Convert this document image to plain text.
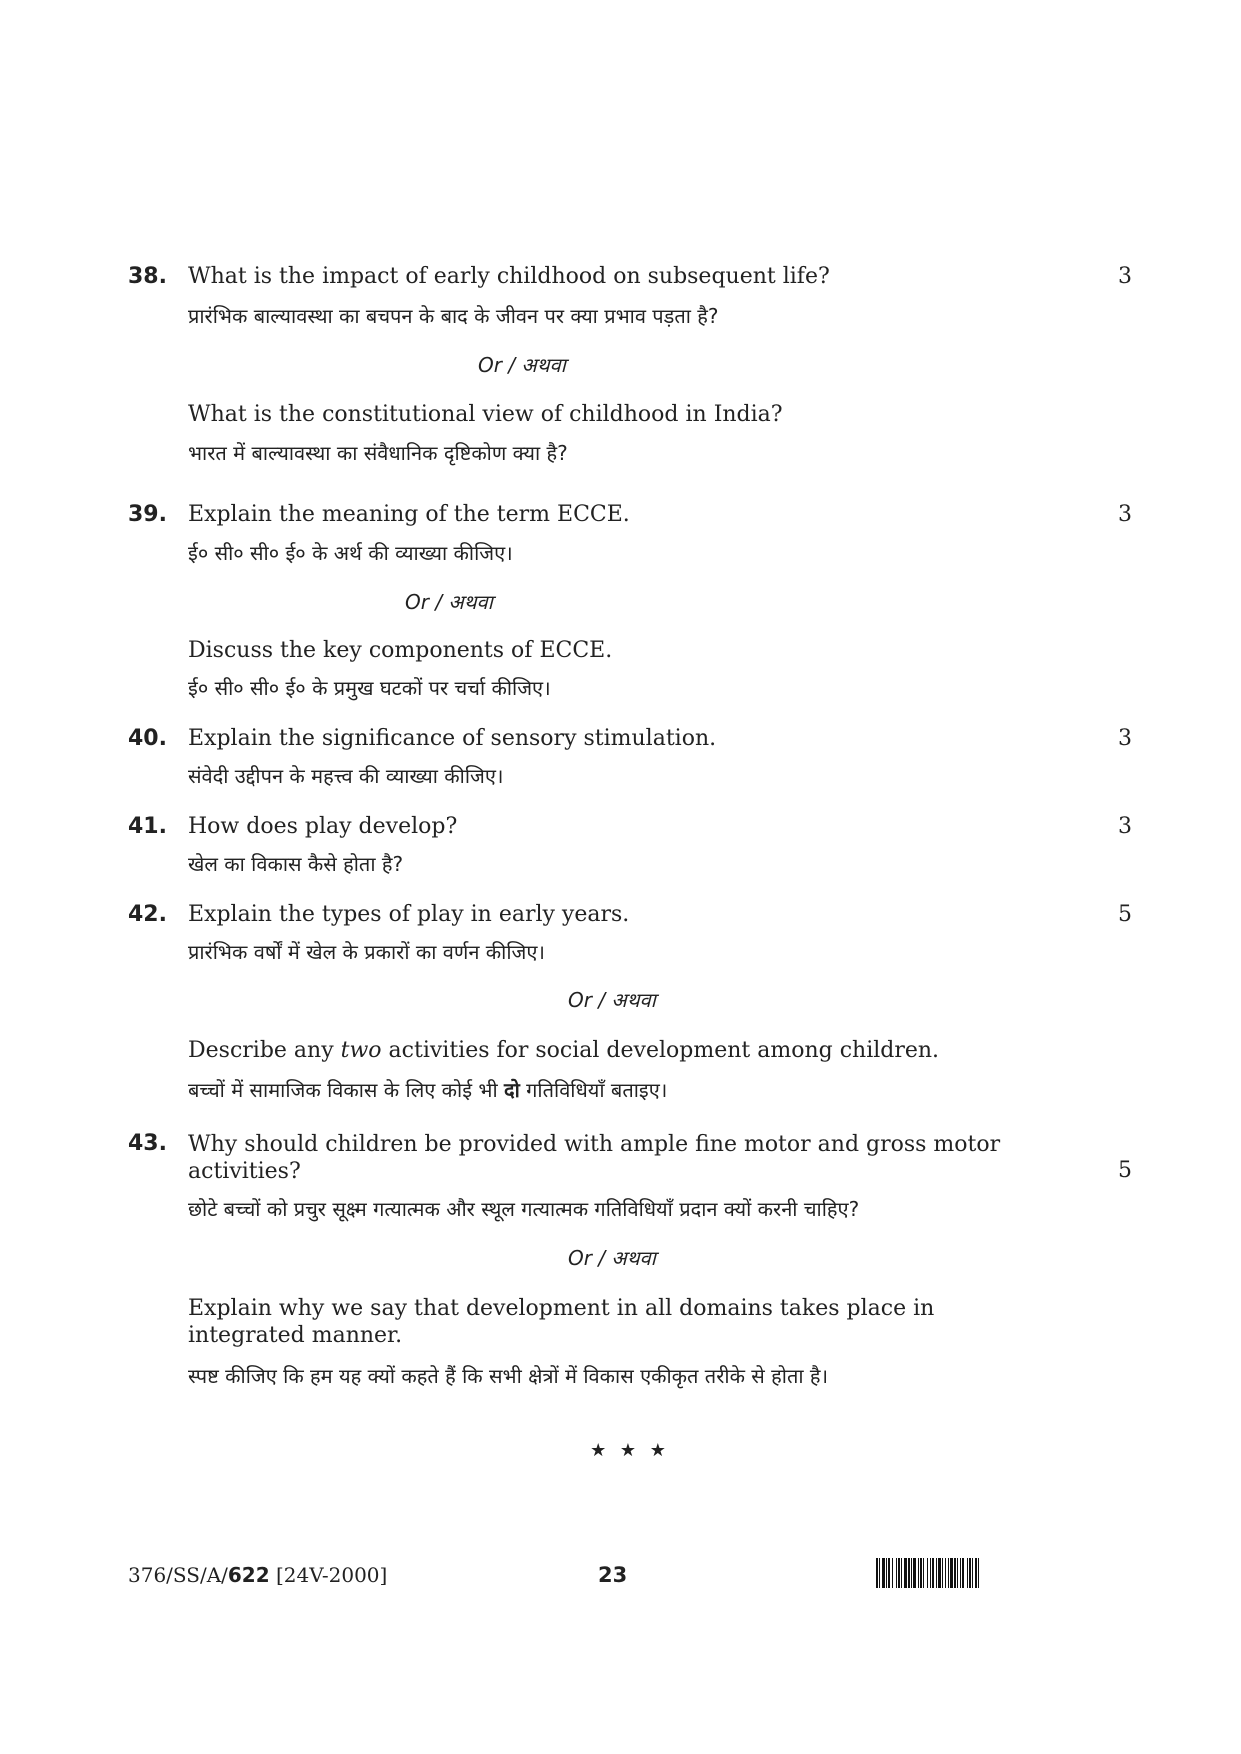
38. What is the impact of early childhood on subsequent life?	3
प्रारंभिक बाल्यावस्था का बचपन के बाद के जीवन पर क्या प्रभाव पड़ता है?
Or / अथवा
What is the constitutional view of childhood in India?
भारत में बाल्यावस्था का संवैधानिक दृष्टिकोण क्या है?
39. Explain the meaning of the term ECCE.	3
ई० सी० सी० ई० के अर्थ की व्याख्या कीजिए।
Or / अथवा
Discuss the key components of ECCE.
ई० सी० सी० ई० के प्रमुख घटकों पर चर्चा कीजिए।
40. Explain the significance of sensory stimulation.	3
संवेदी उद्दीपन के महत्त्व की व्याख्या कीजिए।
41. How does play develop?	3
खेल का विकास कैसे होता है?
42. Explain the types of play in early years.	5
प्रारंभिक वर्षों में खेल के प्रकारों का वर्णन कीजिए।
Or / अथवा
Describe any two activities for social development among children.
बच्चों में सामाजिक विकास के लिए कोई भी दो गतिविधियाँ बताइए।
43. Why should children be provided with ample fine motor and gross motor
activities?	5
छोटे बच्चों को प्रचुर सूक्ष्म गत्यात्मक और स्थूल गत्यात्मक गतिविधियाँ प्रदान क्यों करनी चाहिए?
Or / अथवा
Explain why we say that development in all domains takes place in
integrated manner.
स्पष्ट कीजिए कि हम यह क्यों कहते हैं कि सभी क्षेत्रों में विकास एकीकृत तरीके से होता है।
★ ★ ★
376/SS/A/622 [24V-2000]	23
